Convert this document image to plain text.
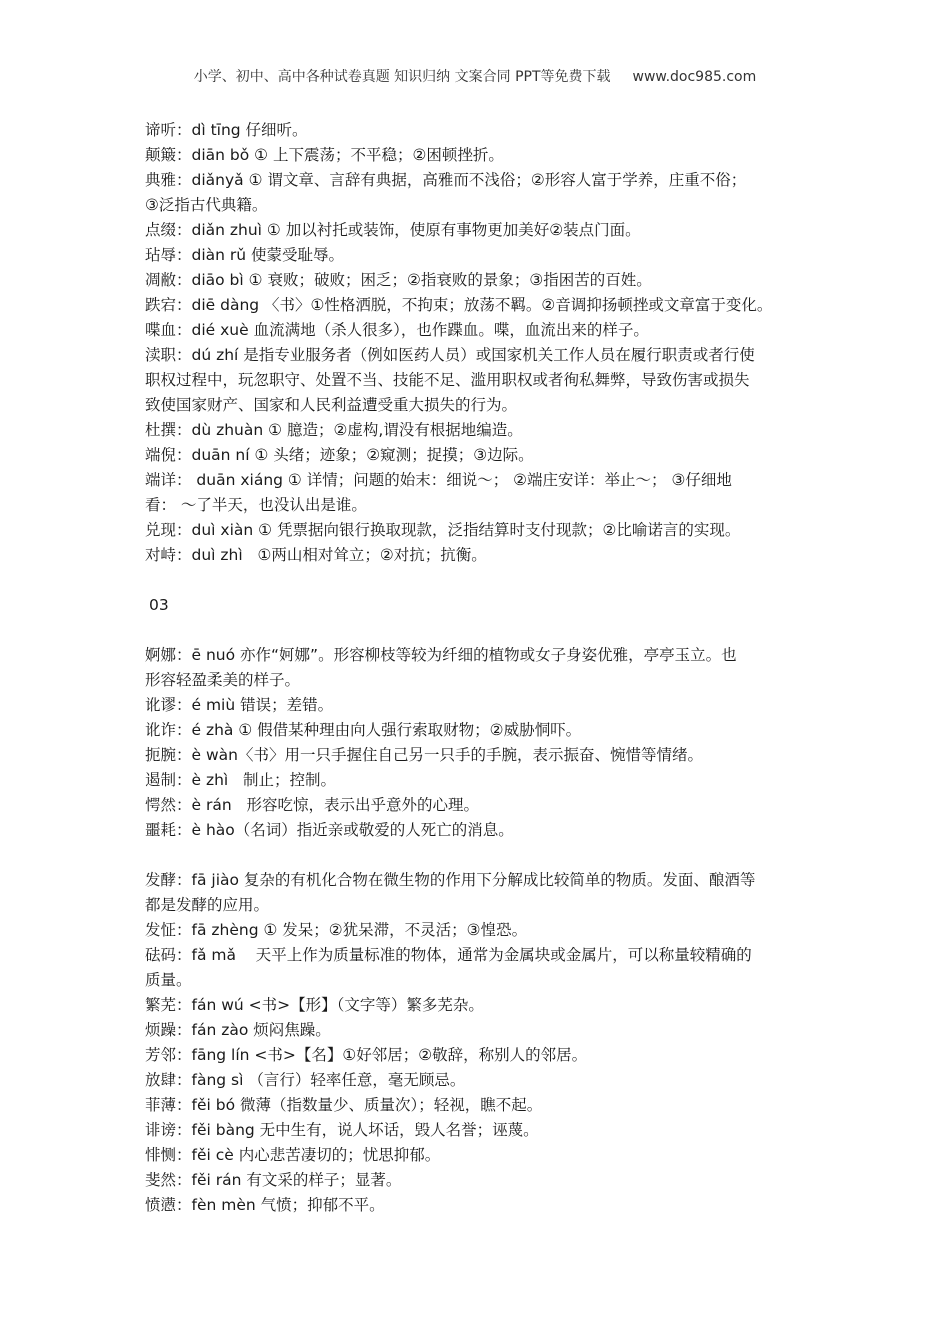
小学、初中、高中各种试卷真题 知识归纳 文案合同 PPT等免费下载 www.doc985.com

谛听：dì tīng 仔细听。

颠簸：diān bǒ ① 上下震荡；不平稳；②困顿挫折。

典雅：diǎnyǎ ① 谓文章、言辞有典据，高雅而不浅俗；②形容人富于学养，庄重不俗；

③泛指古代典籍。

点缀：diǎn zhuì ① 加以衬托或装饰，使原有事物更加美好②装点门面。

玷辱：diàn rǔ 使蒙受耻辱。

凋敝：diāo bì ① 衰败；破败；困乏；②指衰败的景象；③指困苦的百姓。

跌宕：diē dàng 〈书〉①性格洒脱，不拘束；放荡不羁。②音调抑扬顿挫或文章富于变化。

喋血：dié xuè 血流满地（杀人很多），也作蹀血。喋，血流出来的样子。

渎职：dú zhí 是指专业服务者（例如医药人员）或国家机关工作人员在履行职责或者行使

职权过程中，玩忽职守、处置不当、技能不足、滥用职权或者徇私舞弊，导致伤害或损失

致使国家财产、国家和人民利益遭受重大损失的行为。

杜撰：dù zhuàn ① 臆造；②虚构,谓没有根据地编造。

端倪：duān ní ① 头绪；迹象；②窥测；捉摸；③边际。

端详： duān xiáng ① 详情；问题的始末：细说～； ②端庄安详：举止～； ③仔细地

看： ～了半天，也没认出是谁。

兑现：duì xiàn ① 凭票据向银行换取现款，泛指结算时支付现款；②比喻诺言的实现。

对峙：duì zhì   ①两山相对耸立；②对抗；抗衡。

03

婀娜：ē nuó 亦作“妸娜”。形容柳枝等较为纤细的植物或女子身姿优雅，亭亭玉立。也

形容轻盈柔美的样子。

讹谬：é miù 错误；差错。

讹诈：é zhà ① 假借某种理由向人强行索取财物；②威胁恫吓。

扼腕：è wàn〈书〉用一只手握住自己另一只手的手腕，表示振奋、惋惜等情绪。

遏制：è zhì   制止；控制。

愕然：è rán   形容吃惊，表示出乎意外的心理。

噩耗：è hào（名词）指近亲或敬爱的人死亡的消息。

发酵：fā jiào 复杂的有机化合物在微生物的作用下分解成比较简单的物质。发面、酿酒等

都是发酵的应用。

发怔：fā zhèng ① 发呆；②犹呆滞，不灵活；③惶恐。

砝码：fǎ mǎ    天平上作为质量标准的物体，通常为金属块或金属片，可以称量较精确的

质量。

繁芜：fán wú <书>【形】（文字等）繁多芜杂。

烦躁：fán zào 烦闷焦躁。

芳邻：fāng lín <书>【名】①好邻居；②敬辞，称别人的邻居。

放肆：fàng sì （言行）轻率任意，毫无顾忌。

菲薄：fěi bó 微薄（指数量少、质量次）；轻视，瞧不起。

诽谤：fěi bàng 无中生有，说人坏话，毁人名誉；诬蔑。

悱恻：fěi cè 内心悲苦凄切的；忧思抑郁。

斐然：fěi rán 有文采的样子；显著。

愤懑：fèn mèn 气愤；抑郁不平。
